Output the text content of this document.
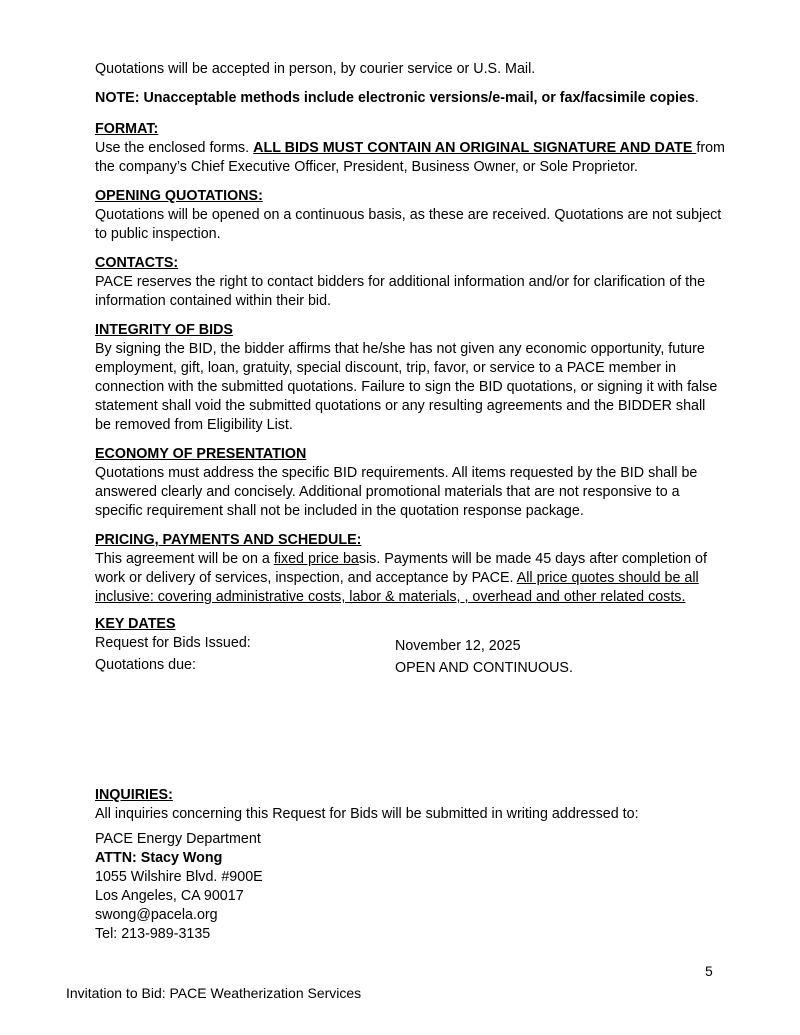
Quotations will be accepted in person, by courier service or U.S. Mail.

NOTE: Unacceptable methods include electronic versions/e-mail, or fax/facsimile copies.

FORMAT:

Use the enclosed forms. ALL BIDS MUST CONTAIN AN ORIGINAL SIGNATURE AND DATE from the company’s Chief Executive Officer, President, Business Owner, or Sole Proprietor.

OPENING QUOTATIONS:

Quotations will be opened on a continuous basis, as these are received. Quotations are not subject to public inspection.

CONTACTS:

PACE reserves the right to contact bidders for additional information and/or for clarification of the information contained within their bid.

INTEGRITY OF BIDS

By signing the BID, the bidder affirms that he/she has not given any economic opportunity, future employment, gift, loan, gratuity, special discount, trip, favor, or service to a PACE member in connection with the submitted quotations. Failure to sign the BID quotations, or signing it with false statement shall void the submitted quotations or any resulting agreements and the BIDDER shall be removed from Eligibility List.

ECONOMY OF PRESENTATION

Quotations must address the specific BID requirements. All items requested by the BID shall be answered clearly and concisely. Additional promotional materials that are not responsive to a specific requirement shall not be included in the quotation response package.

PRICING, PAYMENTS AND SCHEDULE:

This agreement will be on a fixed price basis. Payments will be made 45 days after completion of work or delivery of services, inspection, and acceptance by PACE. All price quotes should be all inclusive: covering administrative costs, labor & materials, , overhead and other related costs.

KEY DATES

Request for Bids Issued:	November 12, 2025
Quotations due:	OPEN AND CONTINUOUS.

INQUIRIES:

All inquiries concerning this Request for Bids will be submitted in writing addressed to:

PACE Energy Department

ATTN: Stacy Wong

1055 Wilshire Blvd. #900E

Los Angeles, CA 90017

swong@pacela.org

Tel: 213-989-3135

5
Invitation to Bid: PACE Weatherization Services
